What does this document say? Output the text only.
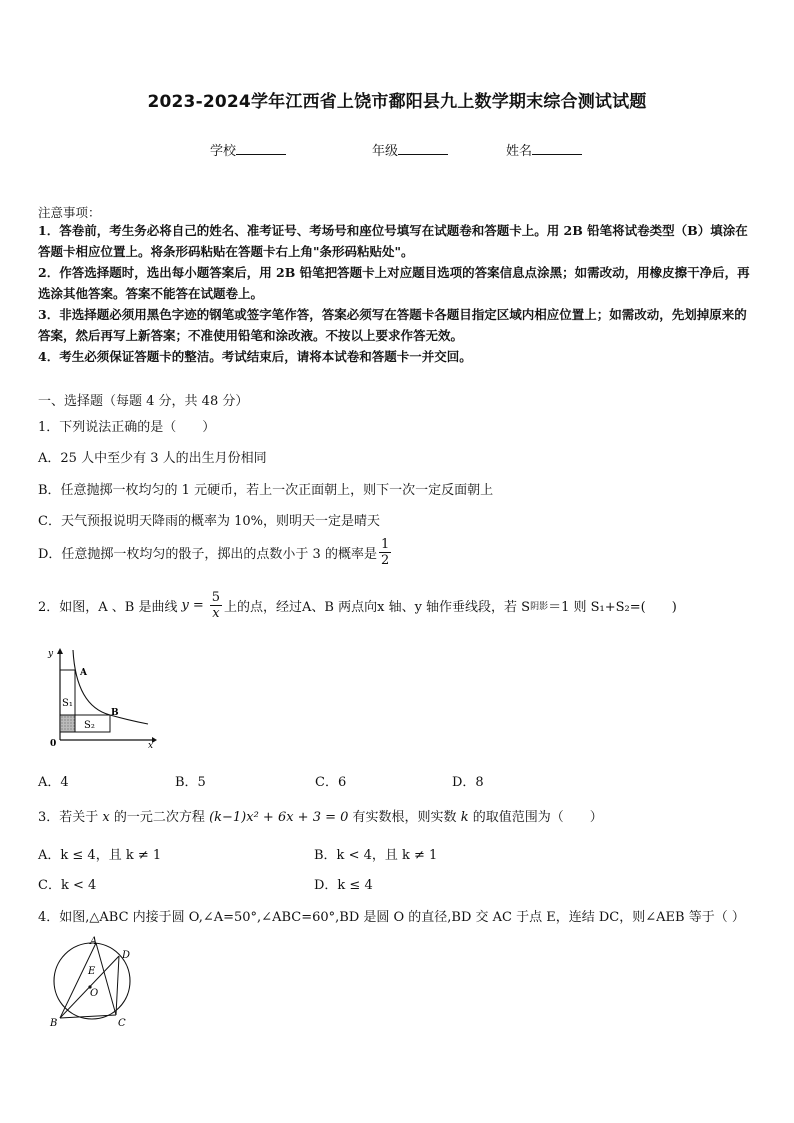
2023-2024学年江西省上饶市鄱阳县九上数学期末综合测试试题
学校	年级	姓名
注意事项：
1．答卷前，考生务必将自己的姓名、准考证号、考场号和座位号填写在试题卷和答题卡上。用 2B 铅笔将试卷类型（B）填涂在答题卡相应位置上。将条形码粘贴在答题卡右上角"条形码粘贴处"。
2．作答选择题时，选出每小题答案后，用 2B 铅笔把答题卡上对应题目选项的答案信息点涂黑；如需改动，用橡皮擦干净后，再选涂其他答案。答案不能答在试题卷上。
3．非选择题必须用黑色字迹的钢笔或签字笔作答，答案必须写在答题卡各题目指定区域内相应位置上；如需改动，先划掉原来的答案，然后再写上新答案；不准使用铅笔和涂改液。不按以上要求作答无效。
4．考生必须保证答题卡的整洁。考试结束后，请将本试卷和答题卡一并交回。
一、选择题（每题 4 分，共 48 分）
1．下列说法正确的是（　　）
A．25 人中至少有 3 人的出生月份相同
B．任意抛掷一枚均匀的 1 元硬币，若上一次正面朝上，则下一次一定反面朝上
C．天气预报说明天降雨的概率为 10%，则明天一定是晴天
D．任意抛掷一枚均匀的骰子，掷出的点数小于 3 的概率是 $\frac{1}{2}$
2．如图，A 、B 是曲线 $y = \frac{5}{x}$ 上的点，经过A、B 两点向x 轴、y 轴作垂线段，若 S 阴影 ＝1 则 S₁+S₂=(　　)
A
B
S₁
S₂
0	x
y
A．4	B．5	C．6	D．8
3．若关于 x 的一元二次方程 (k−1)x² + 6x + 3 = 0 有实数根，则实数 k 的取值范围为（　　）
A．k ≤ 4，且 k ≠ 1	B．k < 4，且 k ≠ 1
C．k < 4	D．k ≤ 4
4．如图,△ABC 内接于圆 O,∠A=50°,∠ABC=60°,BD 是圆 O 的直径,BD 交 AC 于点 E，连结 DC，则∠AEB 等于（ ）
A
B	C
D
E
O
